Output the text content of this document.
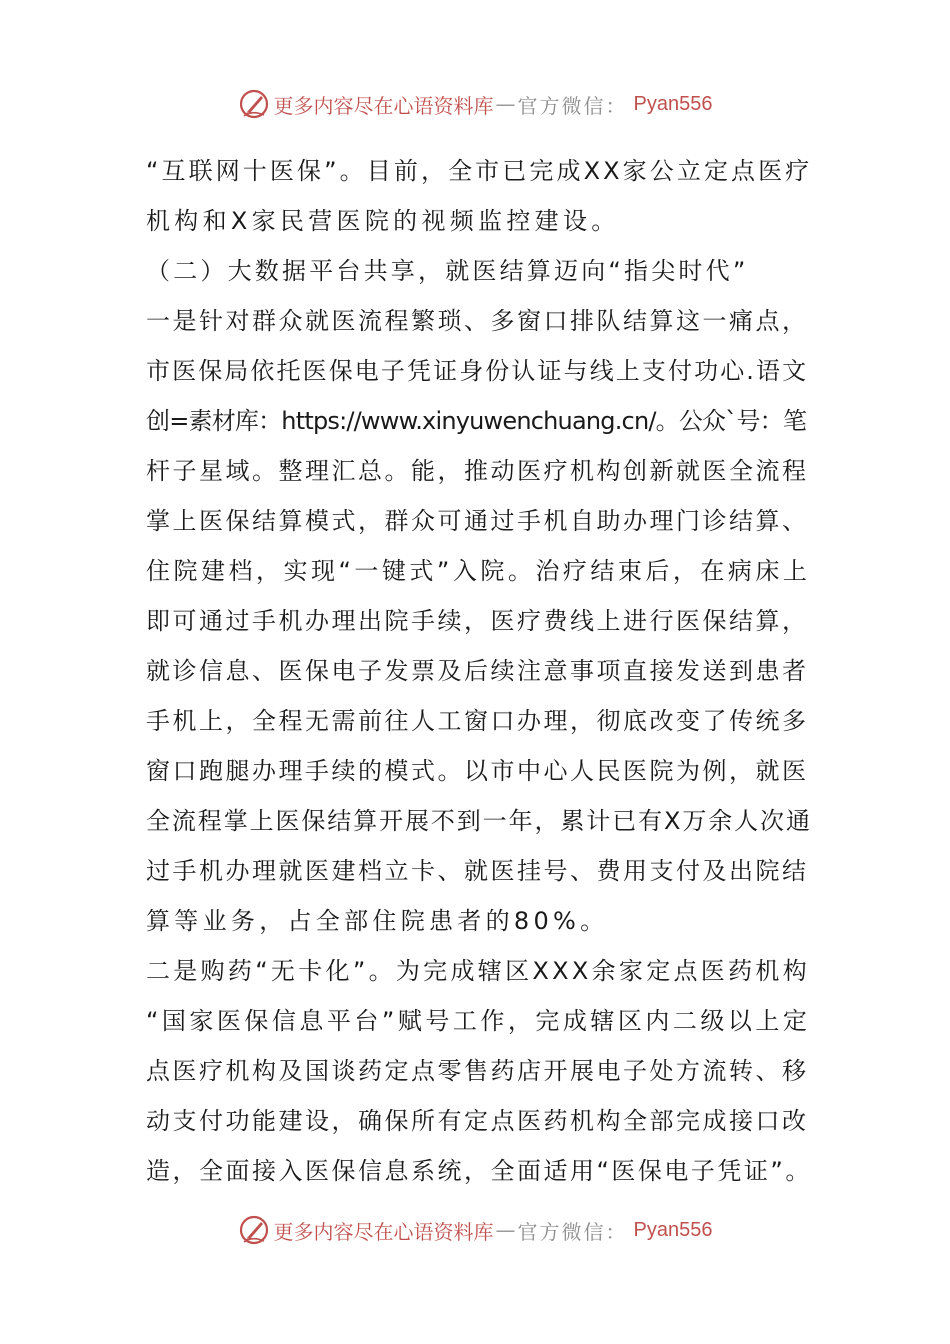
更多内容尽在心语资料库 — 官方微信： Pyan556
“互联网十医保”。目前，全市已完成XX家公立定点医疗
机构和X家民营医院的视频监控建设。
（二）大数据平台共享，就医结算迈向“指尖时代”
一是针对群众就医流程繁琐、多窗口排队结算这一痛点，
市医保局依托医保电子凭证身份认证与线上支付功心.语文
创=素材库：https://www.xinyuwenchuang.cn/。公众`号：笔
杆子星域。整理汇总。能，推动医疗机构创新就医全流程
掌上医保结算模式，群众可通过手机自助办理门诊结算、
住院建档，实现“一键式”入院。治疗结束后，在病床上
即可通过手机办理出院手续，医疗费线上进行医保结算，
就诊信息、医保电子发票及后续注意事项直接发送到患者
手机上，全程无需前往人工窗口办理，彻底改变了传统多
窗口跑腿办理手续的模式。以市中心人民医院为例，就医
全流程掌上医保结算开展不到一年，累计已有X万余人次通
过手机办理就医建档立卡、就医挂号、费用支付及出院结
算等业务，占全部住院患者的80%。
二是购药“无卡化”。为完成辖区XXX余家定点医药机构
“国家医保信息平台”赋号工作，完成辖区内二级以上定
点医疗机构及国谈药定点零售药店开展电子处方流转、移
动支付功能建设，确保所有定点医药机构全部完成接口改
造，全面接入医保信息系统，全面适用“医保电子凭证”。
更多内容尽在心语资料库 — 官方微信： Pyan556
